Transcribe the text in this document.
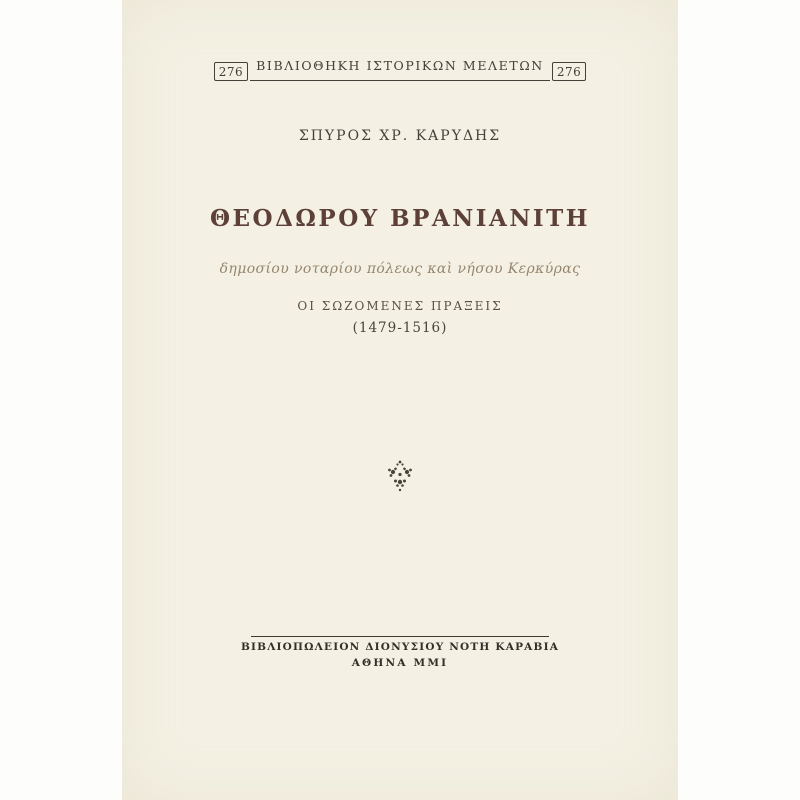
276	ΒΙΒΛΙΟΘΗΚΗ ΙΣΤΟΡΙΚΩΝ ΜΕΛΕΤΩΝ	276
ΣΠΥΡΟΣ ΧΡ. ΚΑΡΥΔΗΣ
ΘΕΟΔΩΡΟΥ ΒΡΑΝΙΑΝΙΤΗ
δημοσίου νοταρίου πόλεως καὶ νήσου Κερκύρας
ΟΙ ΣΩΖΟΜΕΝΕΣ ΠΡΑΞΕΙΣ
(1479-1516)
ΒΙΒΛΙΟΠΩΛΕΙΟΝ ΔΙΟΝΥΣΙΟΥ ΝΟΤΗ ΚΑΡΑΒΙΑ
ΑΘΗΝΑ ΜΜΙ
